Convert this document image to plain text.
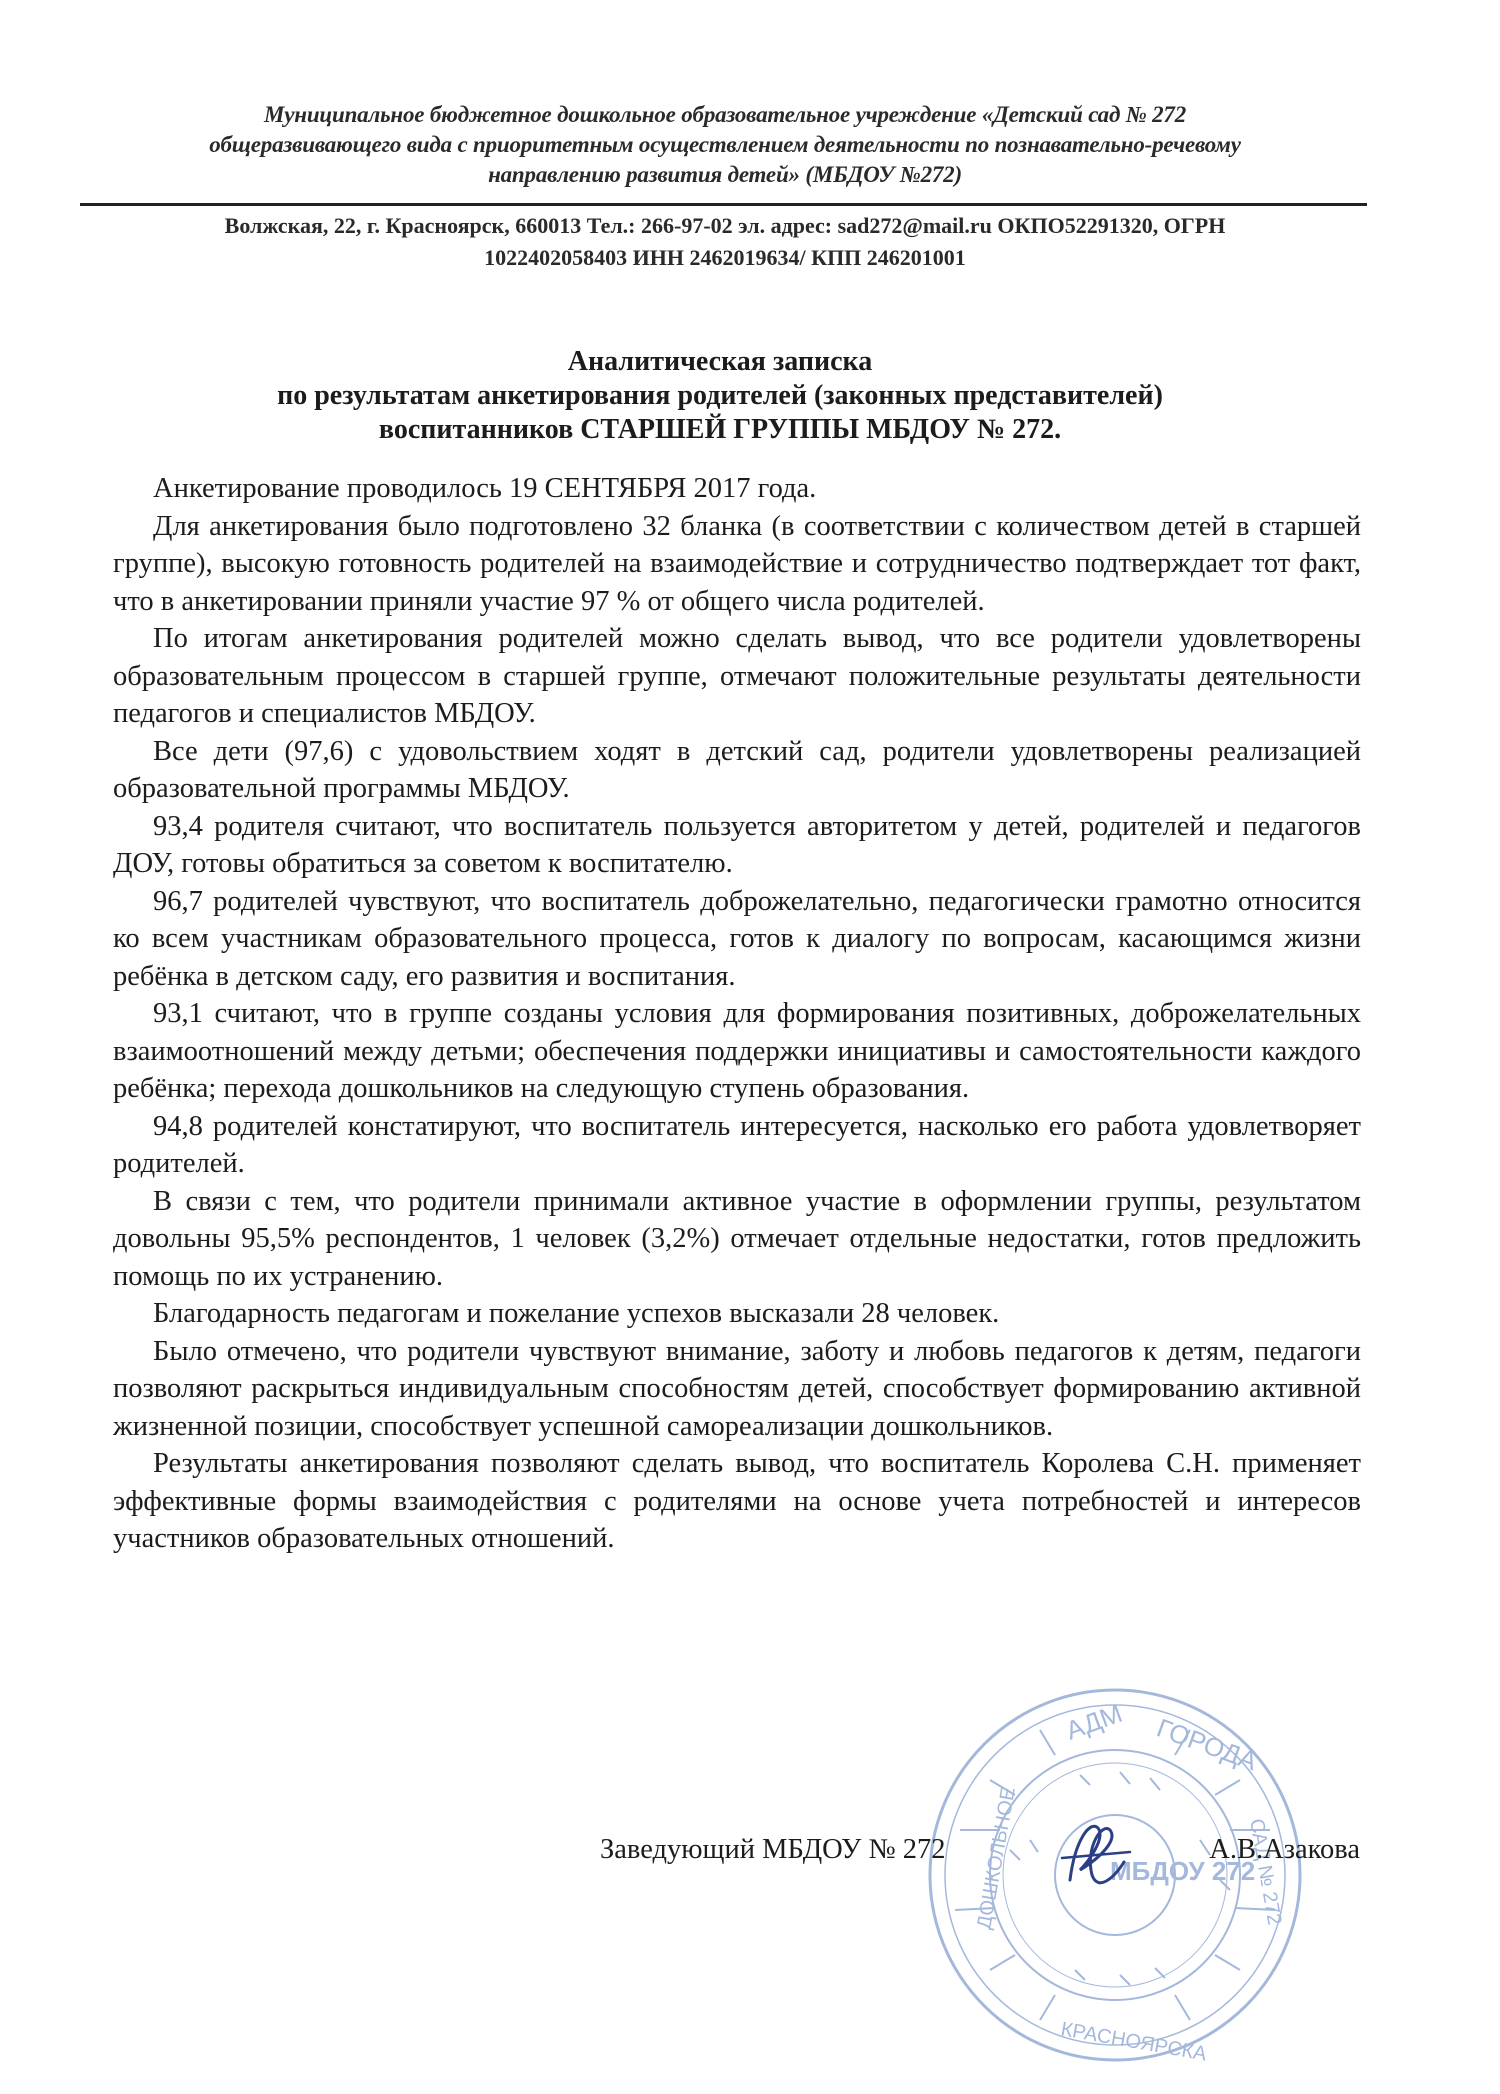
Муниципальное бюджетное дошкольное образовательное учреждение «Детский сад № 272
общеразвивающего вида с приоритетным осуществлением деятельности по познавательно-речевому
направлению развития детей» (МБДОУ №272)
Волжская, 22, г. Красноярск, 660013 Тел.: 266-97-02 эл. адрес: sad272@mail.ru ОКПО52291320, ОГРН
1022402058403 ИНН 2462019634/ КПП 246201001
Аналитическая записка
по результатам анкетирования родителей (законных представителей)
воспитанников СТАРШЕЙ ГРУППЫ МБДОУ № 272.

Анкетирование проводилось 19 СЕНТЯБРЯ 2017 года.

Для анкетирования было подготовлено 32 бланка (в соответствии с количеством детей в старшей группе), высокую готовность родителей на взаимодействие и сотрудничество подтверждает тот факт, что в анкетировании приняли участие 97 % от общего числа родителей.

По итогам анкетирования родителей можно сделать вывод, что все родители удовлетворены образовательным процессом в старшей группе, отмечают положительные результаты деятельности педагогов и специалистов МБДОУ.

Все дети (97,6) с удовольствием ходят в детский сад, родители удовлетворены реализацией образовательной программы МБДОУ.

93,4 родителя считают, что воспитатель пользуется авторитетом у детей, родителей и педагогов ДОУ, готовы обратиться за советом к воспитателю.

96,7 родителей чувствуют, что воспитатель доброжелательно, педагогически грамотно относится ко всем участникам образовательного процесса, готов к диалогу по вопросам, касающимся жизни ребёнка в детском саду, его развития и воспитания.

93,1 считают, что в группе созданы условия для формирования позитивных, доброжелательных взаимоотношений между детьми; обеспечения поддержки инициативы и самостоятельности каждого ребёнка; перехода дошкольников на следующую ступень образования.

94,8 родителей констатируют, что воспитатель интересуется, насколько его работа удовлетворяет родителей.

В связи с тем, что родители принимали активное участие в оформлении группы, результатом довольны 95,5% респондентов, 1 человек (3,2%) отмечает отдельные недостатки, готов предложить помощь по их устранению.

Благодарность педагогам и пожелание успехов высказали 28 человек.

Было отмечено, что родители чувствуют внимание, заботу и любовь педагогов к детям, педагоги позволяют раскрыться индивидуальным способностям детей, способствует формированию активной жизненной позиции, способствует успешной самореализации дошкольников.

Результаты анкетирования позволяют сделать вывод, что воспитатель Королева С.Н. применяет эффективные формы взаимодействия с родителями на основе учета потребностей и интересов участников образовательных отношений.

АДМ ГОРОДА
ДОШКОЛЬНОЕ	САД № 272
КРАСНОЯРСКА
МБДОУ 272
Заведующий МБДОУ № 272	А.В.Азакова
